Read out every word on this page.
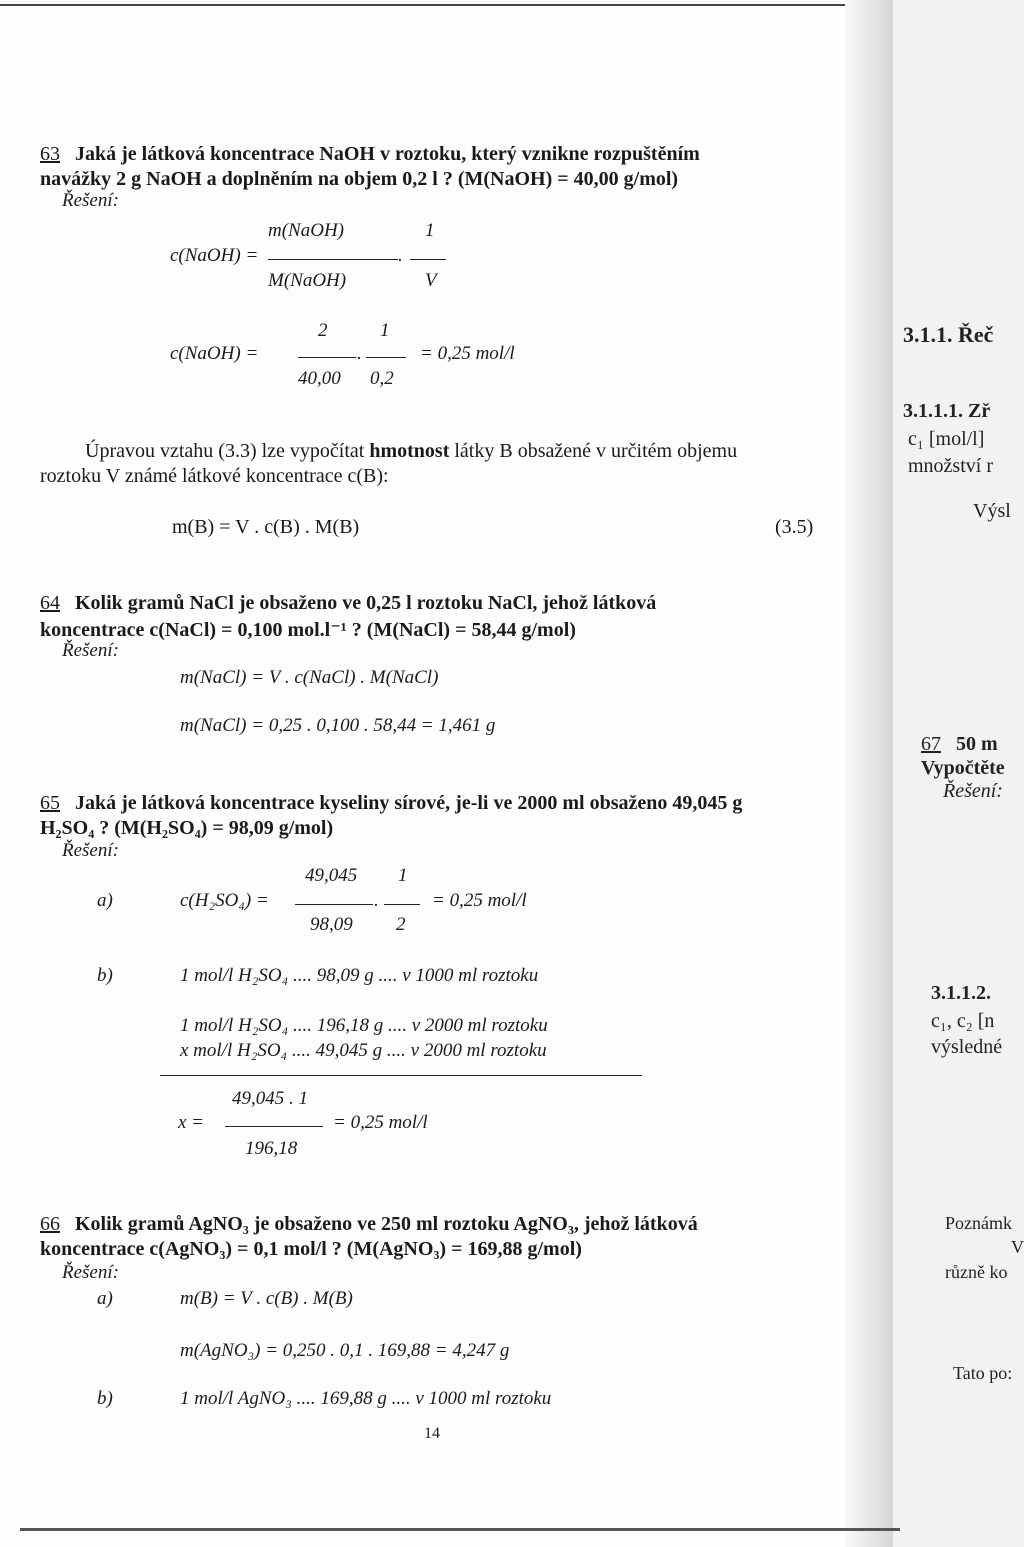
63 Jaká je látková koncentrace NaOH v roztoku, který vznikne rozpuštěním
navážky 2 g NaOH a doplněním na objem 0,2 l ? (M(NaOH) = 40,00 g/mol)
Řešení:
m(NaOH)	1
c(NaOH) =	.
M(NaOH)	V
2	1
c(NaOH) =	.	= 0,25 mol/l
40,00 0,2
Úpravou vztahu (3.3) lze vypočítat hmotnost látky B obsažené v určitém objemu
roztoku V známé látkové koncentrace c(B):
m(B) = V . c(B) . M(B)	(3.5)
64 Kolik gramů NaCl je obsaženo ve 0,25 l roztoku NaCl, jehož látková
koncentrace c(NaCl) = 0,100 mol.l⁻¹ ? (M(NaCl) = 58,44 g/mol)
Řešení:
m(NaCl) = V . c(NaCl) . M(NaCl)
m(NaCl) = 0,25 . 0,100 . 58,44 = 1,461 g
65 Jaká je látková koncentrace kyseliny sírové, je-li ve 2000 ml obsaženo 49,045 g
H₂SO₄ ? (M(H₂SO₄) = 98,09 g/mol)
Řešení:
49,045 1
a)	c(H₂SO₄) =	.	= 0,25 mol/l
98,09 2
b)	1 mol/l H₂SO₄ .... 98,09 g .... v 1000 ml roztoku
1 mol/l H₂SO₄ .... 196,18 g .... v 2000 ml roztoku
x mol/l H₂SO₄ .... 49,045 g .... v 2000 ml roztoku
49,045 . 1
x =	= 0,25 mol/l
196,18
66 Kolik gramů AgNO₃ je obsaženo ve 250 ml roztoku AgNO₃, jehož látková
koncentrace c(AgNO₃) = 0,1 mol/l ? (M(AgNO₃) = 169,88 g/mol)
Řešení:
a)	m(B) = V . c(B) . M(B)
m(AgNO₃) = 0,250 . 0,1 . 169,88 = 4,247 g
b)	1 mol/l AgNO₃ .... 169,88 g .... v 1000 ml roztoku
14
3.1.1. Řeč
3.1.1.1. Zř
c₁ [mol/l]
množství r
Výsl
67 50 m
Vypočtěte
Řešení:
3.1.1.2.
c₁, c₂ [n
výsledné
Poznámk
V
různě ko
Tato po:
